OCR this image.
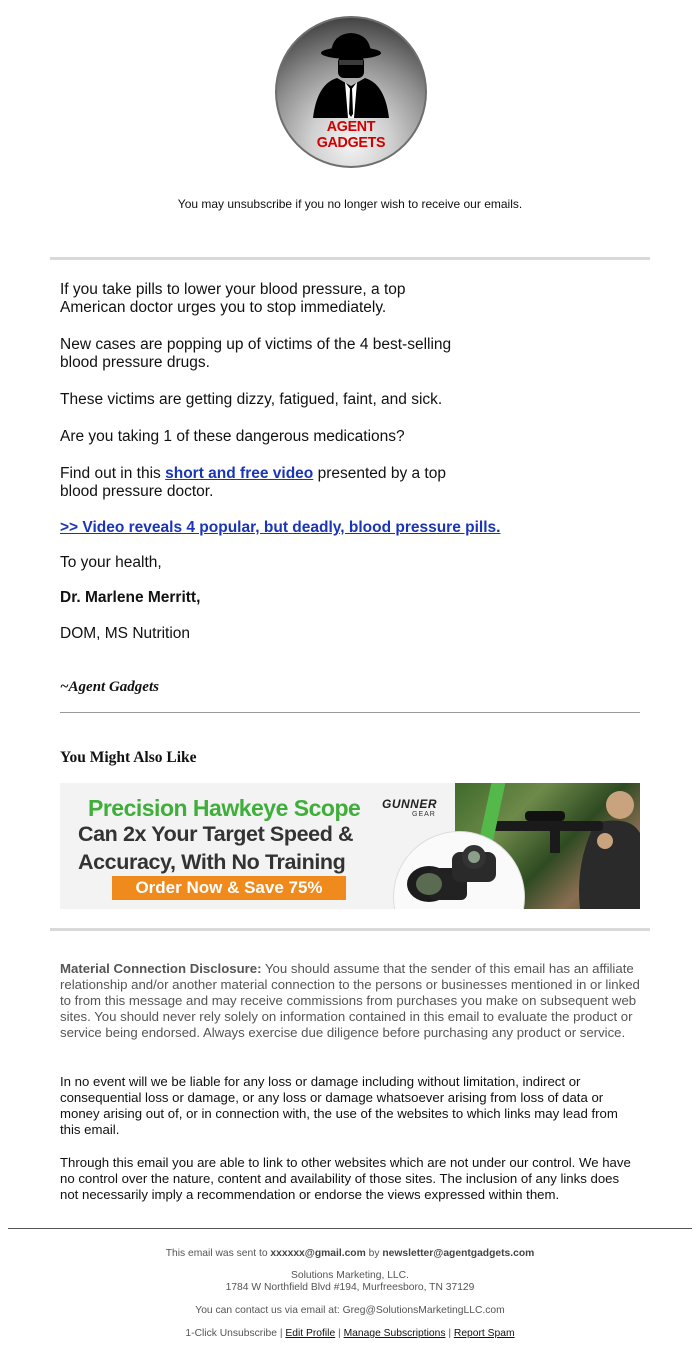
AGENT
GADGETS
You may unsubscribe if you no longer wish to receive our emails.
If you take pills to lower your blood pressure, a top American doctor urges you to stop immediately.
New cases are popping up of victims of the 4 best-selling blood pressure drugs.
These victims are getting dizzy, fatigued, faint, and sick.
Are you taking 1 of these dangerous medications?
Find out in this short and free video presented by a top blood pressure doctor.
>> Video reveals 4 popular, but deadly, blood pressure pills.
To your health,
Dr. Marlene Merritt,
DOM, MS Nutrition
~Agent Gadgets
You Might Also Like
GUNNER
GEAR
Precision Hawkeye Scope
Can 2x Your Target Speed &
Accuracy, With No Training
Order Now & Save 75%
Material Connection Disclosure: You should assume that the sender of this email has an affiliate relationship and/or another material connection to the persons or businesses mentioned in or linked to from this message and may receive commissions from purchases you make on subsequent web sites. You should never rely solely on information contained in this email to evaluate the product or service being endorsed. Always exercise due diligence before purchasing any product or service.
In no event will we be liable for any loss or damage including without limitation, indirect or consequential loss or damage, or any loss or damage whatsoever arising from loss of data or money arising out of, or in connection with, the use of the websites to which links may lead from this email.
Through this email you are able to link to other websites which are not under our control. We have no control over the nature, content and availability of those sites. The inclusion of any links does not necessarily imply a recommendation or endorse the views expressed within them.
This email was sent to xxxxxx@gmail.com by newsletter@agentgadgets.com
Solutions Marketing, LLC.
1784 W Northfield Blvd #194, Murfreesboro, TN 37129
You can contact us via email at: Greg@SolutionsMarketingLLC.com
1-Click Unsubscribe | Edit Profile | Manage Subscriptions | Report Spam
